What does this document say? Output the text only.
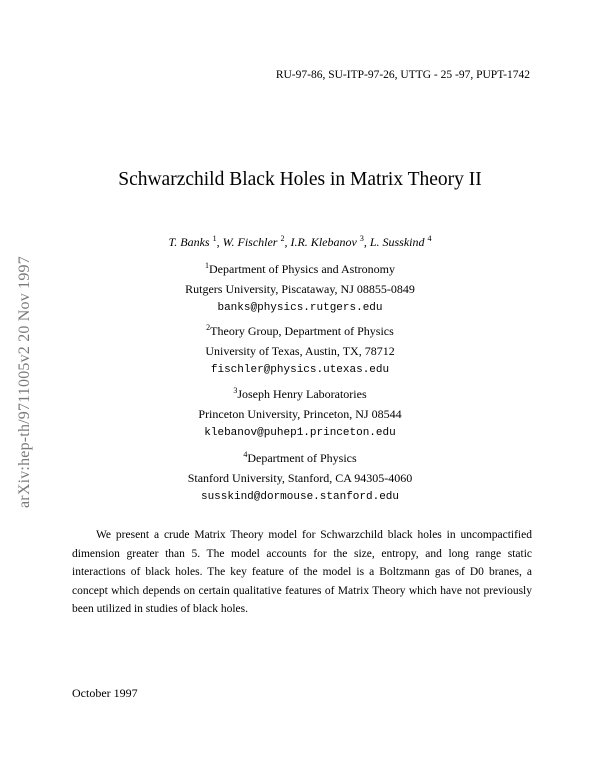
RU-97-86, SU-ITP-97-26, UTTG - 25 -97, PUPT-1742
arXiv:hep-th/9711005v2 20 Nov 1997
Schwarzchild Black Holes in Matrix Theory II
T. Banks $^1$, W. Fischler $^2$, I.R. Klebanov $^3$, L. Susskind $^4$
$^1$Department of Physics and Astronomy
Rutgers University, Piscataway, NJ 08855-0849
banks@physics.rutgers.edu
$^2$Theory Group, Department of Physics
University of Texas, Austin, TX, 78712
fischler@physics.utexas.edu
$^3$Joseph Henry Laboratories
Princeton University, Princeton, NJ 08544
klebanov@puhep1.princeton.edu
$^4$Department of Physics
Stanford University, Stanford, CA 94305-4060
susskind@dormouse.stanford.edu

We present a crude Matrix Theory model for Schwarzchild black holes in uncompactified dimension greater than 5. The model accounts for the size, entropy, and long range static interactions of black holes. The key feature of the model is a Boltzmann gas of D0 branes, a concept which depends on certain qualitative features of Matrix Theory which have not previously been utilized in studies of black holes.

October 1997
